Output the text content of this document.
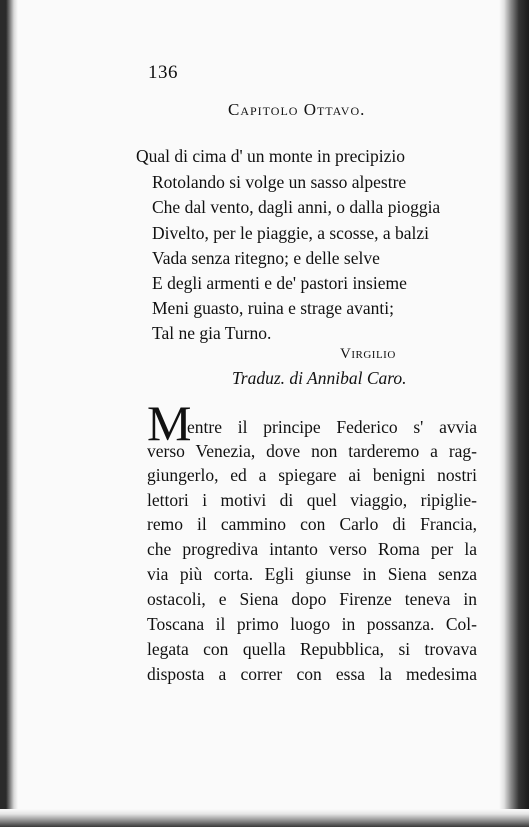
136
Capitolo Ottavo.
Qual di cima d' un monte in precipizio
Rotolando si volge un sasso alpestre
Che dal vento, dagli anni, o dalla pioggia
Divelto, per le piaggie, a scosse, a balzi
Vada senza ritegno; e delle selve
E degli armenti e de' pastori insieme
Meni guasto, ruina e strage avanti;
Tal ne gia Turno.
Virgilio
Traduz. di Annibal Caro.
M
entre il principe Federico s' avvia
verso Venezia, dove non tarderemo a rag-
giungerlo, ed a spiegare ai benigni nostri
lettori i motivi di quel viaggio, ripiglie-
remo il cammino con Carlo di Francia,
che progrediva intanto verso Roma per la
via più corta. Egli giunse in Siena senza
ostacoli, e Siena dopo Firenze teneva in
Toscana il primo luogo in possanza. Col-
legata con quella Repubblica, si trovava
disposta a correr con essa la medesima
